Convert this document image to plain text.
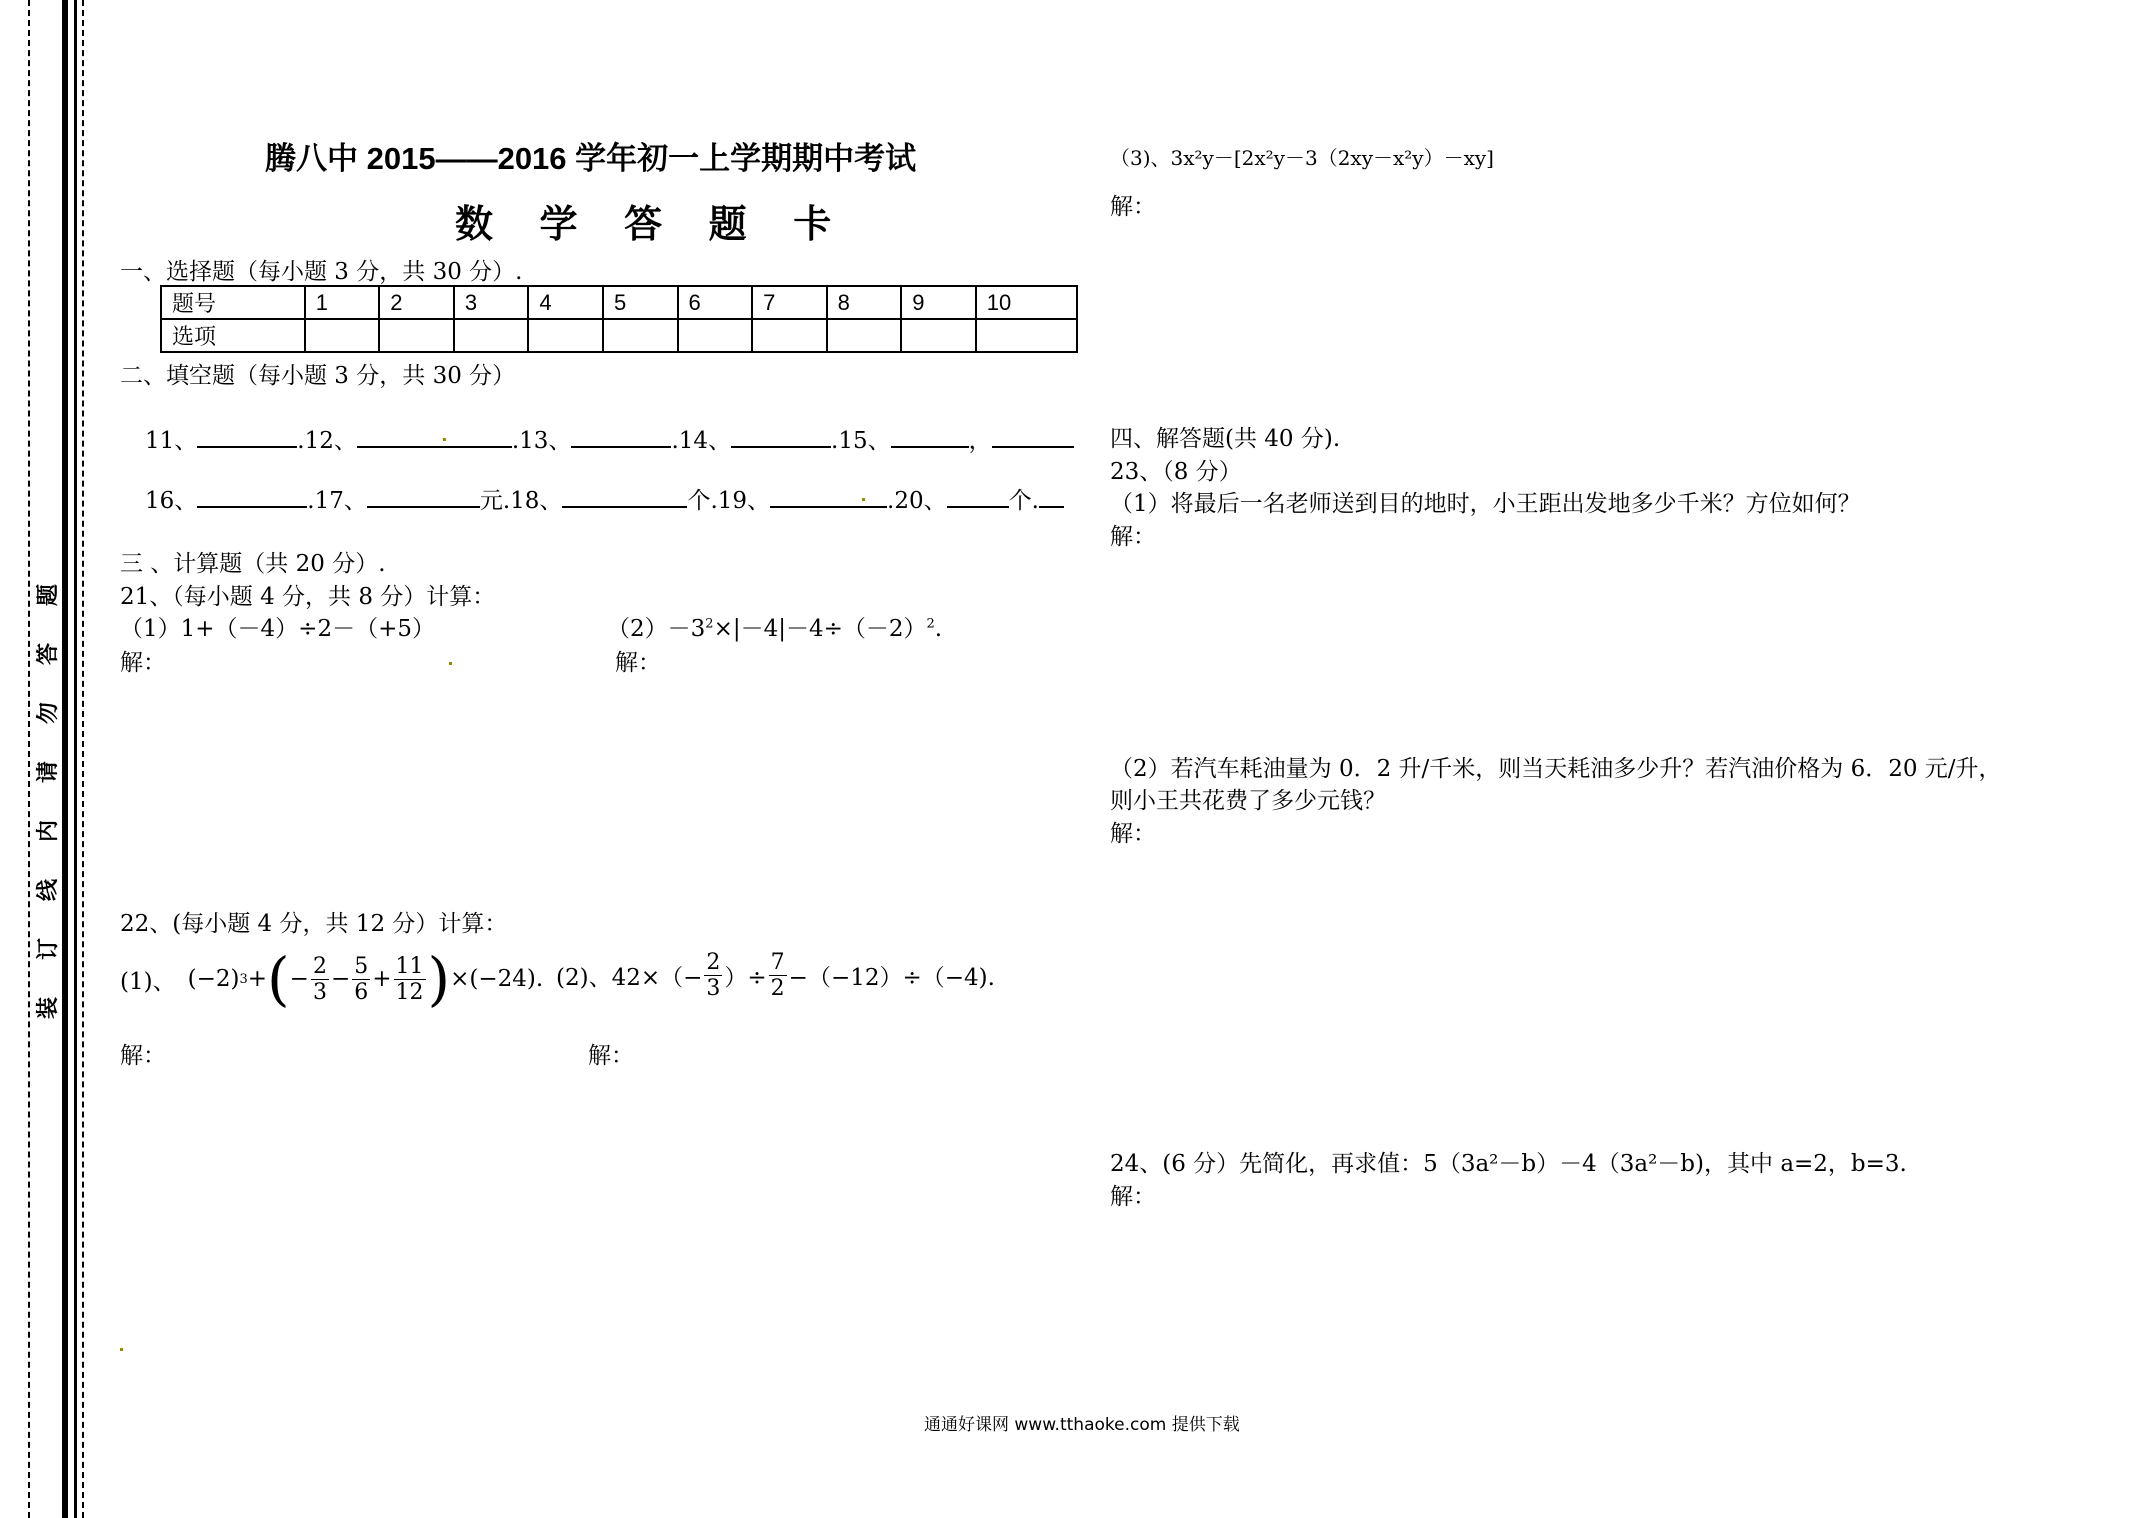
题
答
勿
请
内
线
订
装
腾八中 2015——2016 学年初一上学期期中考试
数 学 答 题 卡
一、选择题（每小题 3 分，共 30 分）.
题号	1	2	3	4	5	6	7	8	9	10
选项										
二、填空题（每小题 3 分，共 30 分）
11、	.12、	.13、	.14、	.15、	，
16、	.17、	元.18、	个.19、	.20、	个.
三 、计算题（共 20 分）.
21、（每小题 4 分，共 8 分）计算：
（1）1+（－4）÷2－（+5）	$(2)-3^2\times|-4|-4\div(-2)^2$.
解：	解：
22、(每小题 4 分，共 12 分）计算：
(1)、 (−2) 3 + ( − $\frac{2}{3} - \frac{5}{6} + \frac{11}{12}$ ) ×(−24). (2)、$42\times(- \frac{2}{3}$ ）÷ $\frac{7}{2} -(-12)\div(-4)$.
解：	解：
（3)、3x²y－[2x²y－3（2xy－x²y）－xy]
解：
四、解答题(共 40 分).
23、（8 分）
（1）将最后一名老师送到目的地时，小王距出发地多少千米？方位如何？
解：
（2）若汽车耗油量为 0．2 升/千米，则当天耗油多少升？若汽油价格为 6．20 元/升，
则小王共花费了多少元钱？
解：
24、(6 分）先简化，再求值：5（3a²－b）－4（3a²－b)，其中 a=2，b=3.
解：
通通好课网 www.tthaoke.com 提供下载
